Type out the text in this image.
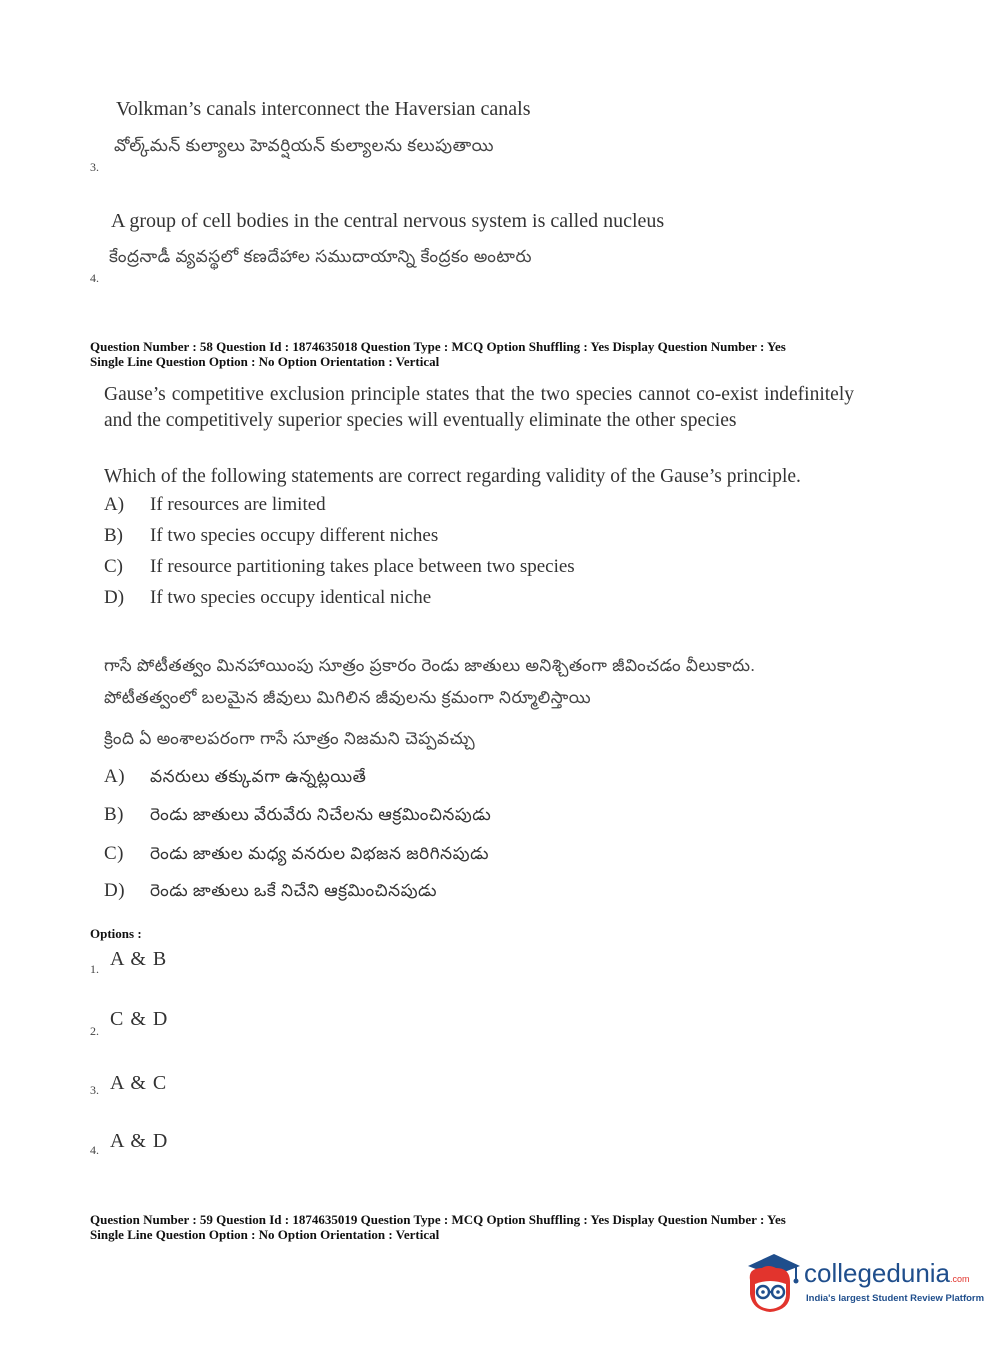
Volkman’s canals interconnect the Haversian canals
వోల్క్‌మన్ కుల్యాలు హెవర్షియన్ కుల్యాలను కలుపుతాయి
3.
A group of cell bodies in the central nervous system is called nucleus
కేంద్రనాడీ వ్యవస్థలో కణదేహాల సముదాయాన్ని కేంద్రకం అంటారు
4.
Question Number : 58 Question Id : 1874635018 Question Type : MCQ Option Shuffling : Yes Display Question Number : Yes
Single Line Question Option : No Option Orientation : Vertical
Gause’s competitive exclusion principle states that the two species cannot co-exist indefinitely and the competitively superior species will eventually eliminate the other species
Which of the following statements are correct regarding validity of the Gause’s principle.
A) If resources are limited
B) If two species occupy different niches
C) If resource partitioning takes place between two species
D) If two species occupy identical niche
గాసే పోటీతత్వం మినహాయింపు సూత్రం ప్రకారం రెండు జాతులు అనిశ్చితంగా జీవించడం వీలుకాదు.
పోటీతత్వంలో బలమైన జీవులు మిగిలిన జీవులను క్రమంగా నిర్మూలిస్తాయి
క్రింది ఏ అంశాలపరంగా గాసే సూత్రం నిజమని చెప్పవచ్చు
A) వనరులు తక్కువగా ఉన్నట్లయితే
B) రెండు జాతులు వేరువేరు నిచేలను ఆక్రమించినపుడు
C) రెండు జాతుల మధ్య వనరుల విభజన జరిగినపుడు
D) రెండు జాతులు ఒకే నిచేని ఆక్రమించినపుడు
Options :
1. A & B
2.
C & D
3. A & C
4. A & D
Question Number : 59 Question Id : 1874635019 Question Type : MCQ Option Shuffling : Yes Display Question Number : Yes
Single Line Question Option : No Option Orientation : Vertical
collegedunia.com
India's largest Student Review Platform
